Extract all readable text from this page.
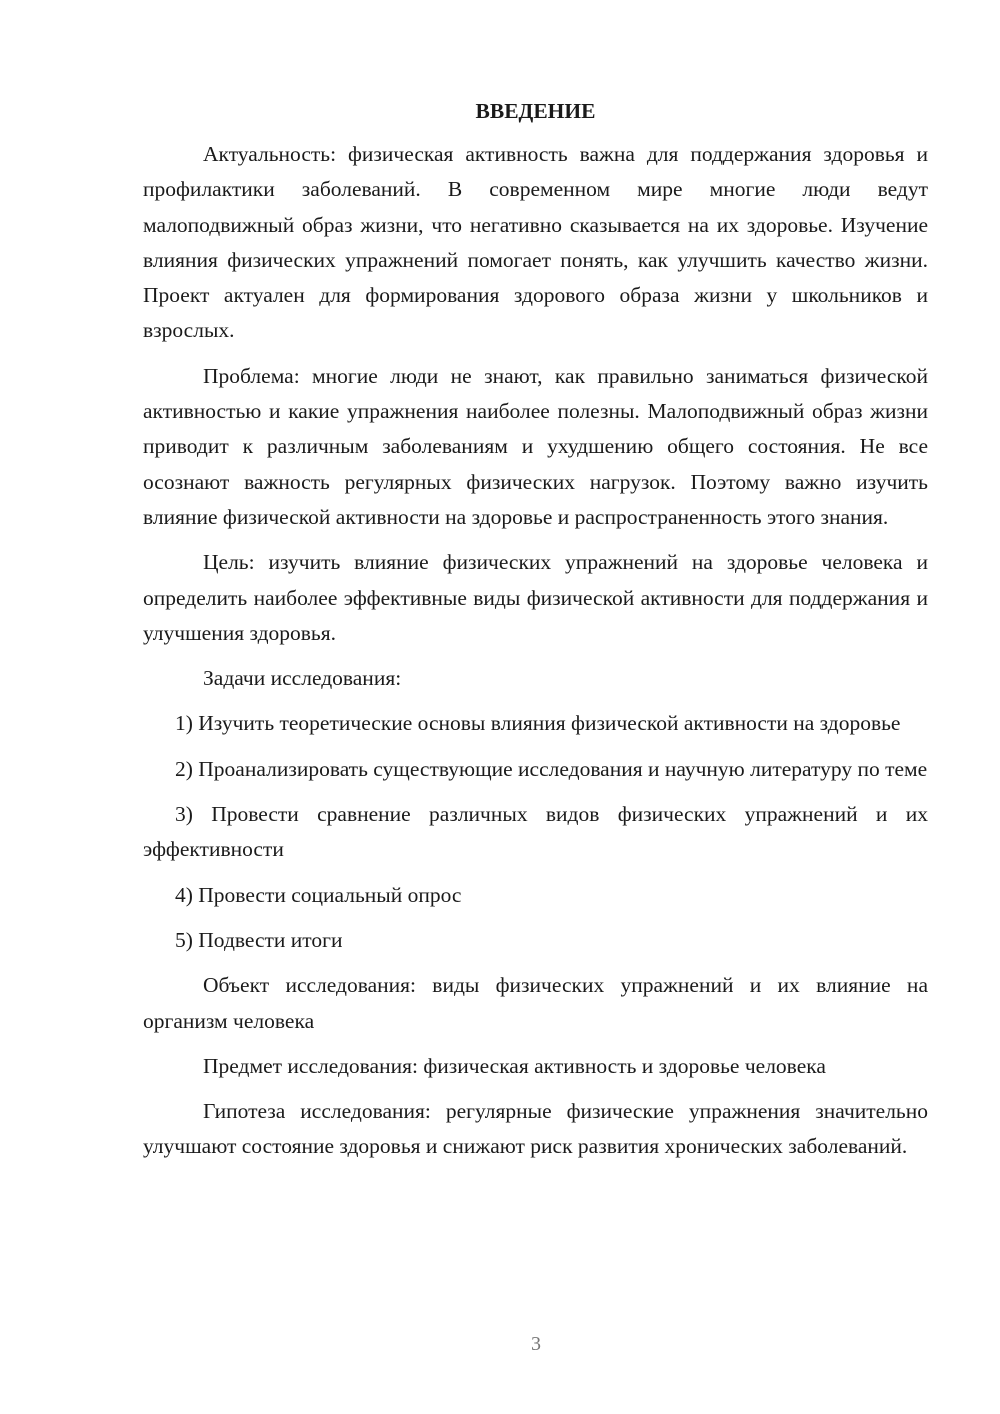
ВВЕДЕНИЕ

Актуальность: физическая активность важна для поддержания здоровья и профилактики заболеваний. В современном мире многие люди ведут малоподвижный образ жизни, что негативно сказывается на их здоровье. Изучение влияния физических упражнений помогает понять, как улучшить качество жизни. Проект актуален для формирования здорового образа жизни у школьников и взрослых.

Проблема: многие люди не знают, как правильно заниматься физической активностью и какие упражнения наиболее полезны. Малоподвижный образ жизни приводит к различным заболеваниям и ухудшению общего состояния. Не все осознают важность регулярных физических нагрузок. Поэтому важно изучить влияние физической активности на здоровье и распространенность этого знания.

Цель: изучить влияние физических упражнений на здоровье человека и определить наиболее эффективные виды физической активности для поддержания и улучшения здоровья.

Задачи исследования:

1) Изучить теоретические основы влияния физической активности на здоровье

2) Проанализировать существующие исследования и научную литературу по теме

3) Провести сравнение различных видов физических упражнений и их эффективности

4) Провести социальный опрос

5) Подвести итоги

Объект исследования: виды физических упражнений и их влияние на организм человека

Предмет исследования: физическая активность и здоровье человека

Гипотеза исследования: регулярные физические упражнения значительно улучшают состояние здоровья и снижают риск развития хронических заболеваний.

3
